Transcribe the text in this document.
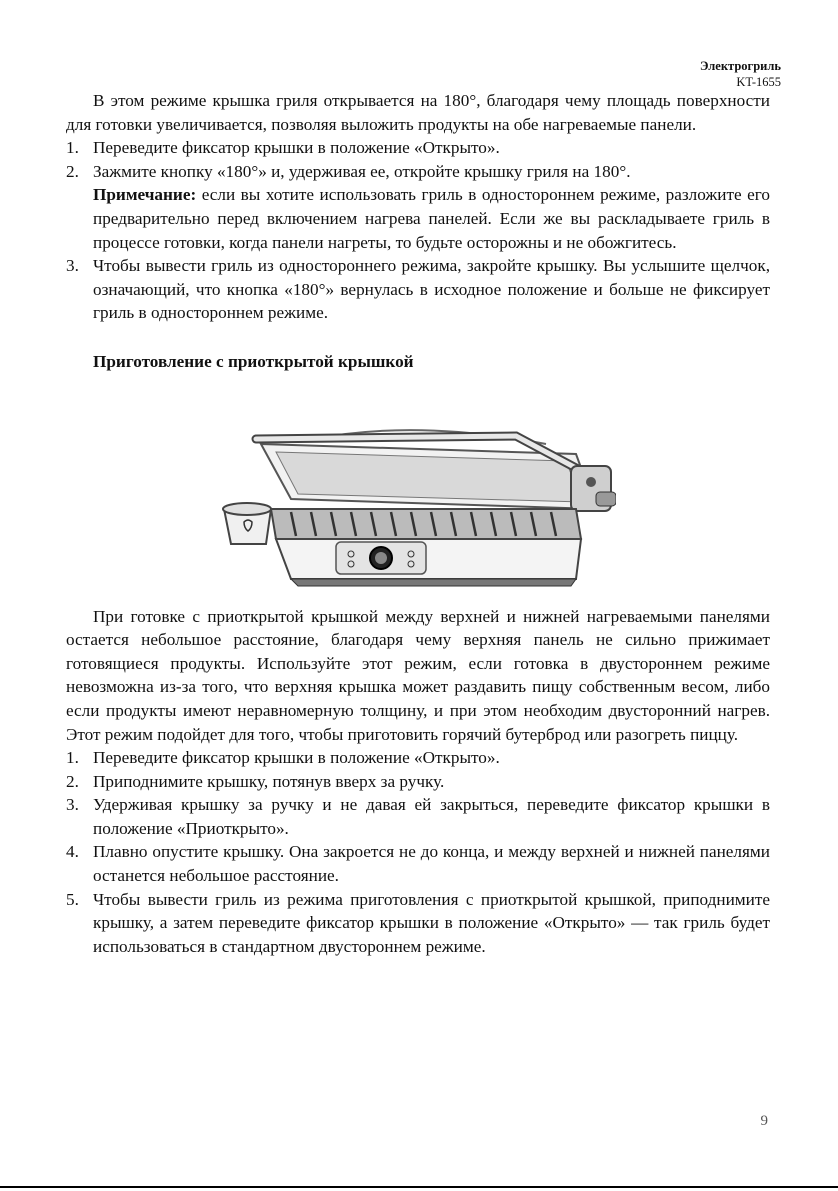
Электрогриль
KT-1655

В этом режиме крышка гриля открывается на 180°, благодаря чему площадь поверхности для готовки увеличивается, позволяя выложить продукты на обе нагреваемые панели.

1. Переведите фиксатор крышки в положение «Открыто».
2. Зажмите кнопку «180°» и, удерживая ее, откройте крышку гриля на 180°.
Примечание: если вы хотите использовать гриль в одностороннем режиме, разложите его предварительно перед включением нагрева панелей. Если же вы раскладываете гриль в процессе готовки, когда панели нагреты, то будьте осторожны и не обожгитесь.
3. Чтобы вывести гриль из одностороннего режима, закройте крышку. Вы услышите щелчок, означающий, что кнопка «180°» вернулась в исходное положение и больше не фиксирует гриль в одностороннем режиме.

Приготовление с приоткрытой крышкой

При готовке с приоткрытой крышкой между верхней и нижней нагреваемыми панелями остается небольшое расстояние, благодаря чему верхняя панель не сильно прижимает готовящиеся продукты. Используйте этот режим, если готовка в двустороннем режиме невозможна из-за того, что верхняя крышка может раздавить пищу собственным весом, либо если продукты имеют неравномерную толщину, и при этом необходим двусторонний нагрев. Этот режим подойдет для того, чтобы приготовить горячий бутерброд или разогреть пиццу.

1. Переведите фиксатор крышки в положение «Открыто».
2. Приподнимите крышку, потянув вверх за ручку.
3. Удерживая крышку за ручку и не давая ей закрыться, переведите фиксатор крышки в положение «Приоткрыто».
4. Плавно опустите крышку. Она закроется не до конца, и между верхней и нижней панелями останется небольшое расстояние.
5. Чтобы вывести гриль из режима приготовления с приоткрытой крышкой, приподнимите крышку, а затем переведите фиксатор крышки в положение «Открыто» — так гриль будет использоваться в стандартном двустороннем режиме.
9
